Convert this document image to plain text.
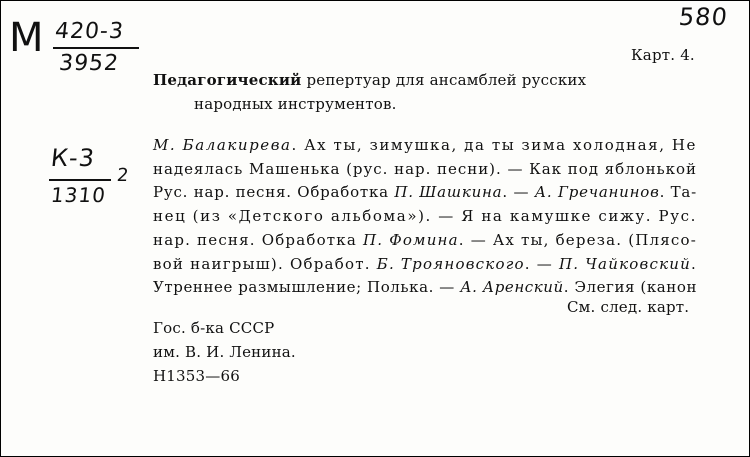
М 420-3
3952
580
К-3
1310
2
Карт. 4.
Педагогический репертуар для ансамблей русских
народных инструментов.
М. Балакирева. Ах ты, зимушка, да ты зима холодная, Не
надеялась Машенька (рус. нар. песни). — Как под яблонькой
Рус. нар. песня. Обработка П. Шашкина. — А. Гречанинов. Та-
нец (из «Детского альбома»). — Я на камушке сижу. Рус.
нар. песня. Обработка П. Фомина. — Ах ты, береза. (Плясо-
вой наигрыш). Обработ. Б. Трояновского. — П. Чайковский.
Утреннее размышление; Полька. — А. Аренский. Элегия (канон
См. след. карт.
Гос. б-ка СССР
им. В. И. Ленина.
Н1353—66
